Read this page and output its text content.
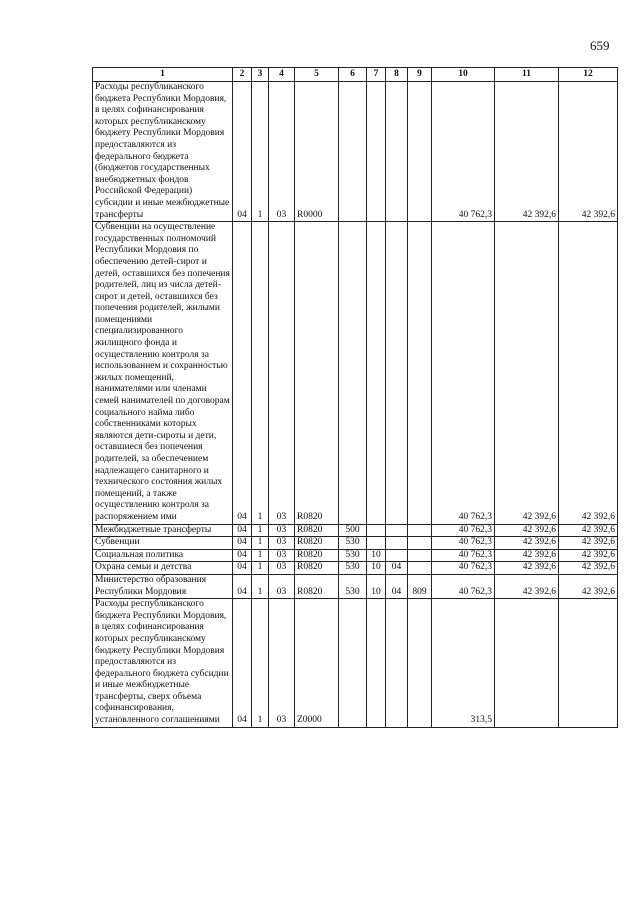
659
1	2	3	4	5	6	7	8	9	10	11	12
Расходы республиканского бюджета Республики Мордовия, в целях софинансирования которых республиканскому бюджету Республики Мордовия предоставляются из федерального бюджета (бюджетов государственных внебюджетных фондов Российской Федерации) субсидии и иные межбюджетные трансферты	04	1	03	R0000					40 762,3	42 392,6	42 392,6
Субвенции на осуществление государственных полномочий Республики Мордовия по обеспечению детей-сирот и детей, оставшихся без попечения родителей, лиц из числа детей-сирот и детей, оставшихся без попечения родителей, жилыми помещениями специализированного жилищного фонда и осуществлению контроля за использованием и сохранностью жилых помещений, нанимателями или членами семей нанимателей по договорам социального найма либо собственниками которых являются дети-сироты и дети, оставшиеся без попечения родителей, за обеспечением надлежащего санитарного и технического состояния жилых помещений, а также осуществлению контроля за распоряжением ими	04	1	03	R0820					40 762,3	42 392,6	42 392,6
Межбюджетные трансферты	04	1	03	R0820	500				40 762,3	42 392,6	42 392,6
Субвенции	04	1	03	R0820	530				40 762,3	42 392,6	42 392,6
Социальная политика	04	1	03	R0820	530	10			40 762,3	42 392,6	42 392,6
Охрана семьи и детства	04	1	03	R0820	530	10	04		40 762,3	42 392,6	42 392,6
Министерство образования Республики Мордовия	04	1	03	R0820	530	10	04	809	40 762,3	42 392,6	42 392,6
Расходы республиканского бюджета Республики Мордовия, в целях софинансирования которых республиканскому бюджету Республики Мордовия предоставляются из федерального бюджета субсидии и иные межбюджетные трансферты, сверх объема софинансирования, установленного соглашениями	04	1	03	Z0000					313,5		
